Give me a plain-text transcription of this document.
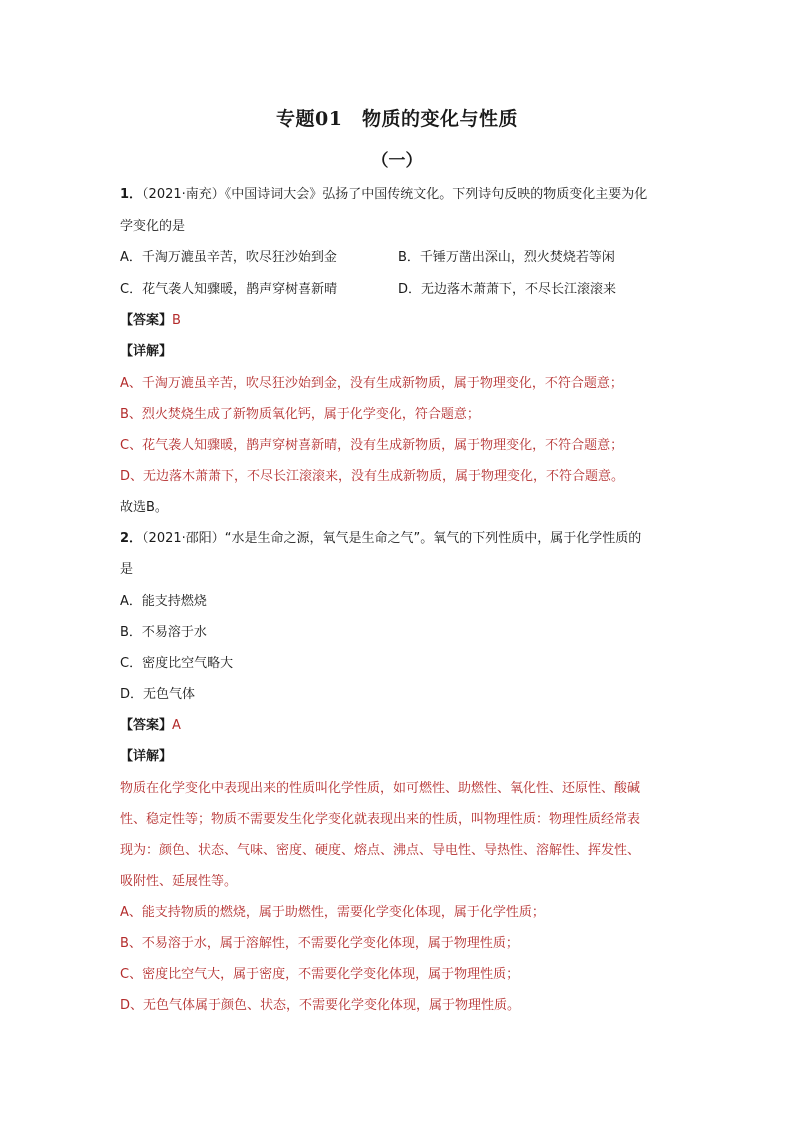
专题01　物质的变化与性质
（一）
1．（2021·南充）《中国诗词大会》弘扬了中国传统文化。下列诗句反映的物质变化主要为化
学变化的是
A．千淘万漉虽辛苦，吹尽狂沙始到金	B．千锤万凿出深山，烈火焚烧若等闲
C．花气袭人知骤暖，鹊声穿树喜新晴	D．无边落木萧萧下，不尽长江滚滚来
【答案】B
【详解】
A、千淘万漉虽辛苦，吹尽狂沙始到金，没有生成新物质，属于物理变化，不符合题意；
B、烈火焚烧生成了新物质氧化钙，属于化学变化，符合题意；
C、花气袭人知骤暖，鹊声穿树喜新晴，没有生成新物质，属于物理变化，不符合题意；
D、无边落木萧萧下，不尽长江滚滚来，没有生成新物质，属于物理变化，不符合题意。
故选B。
2．（2021·邵阳）“水是生命之源，氧气是生命之气”。氧气的下列性质中，属于化学性质的
是
A．能支持燃烧
B．不易溶于水
C．密度比空气略大
D．无色气体
【答案】A
【详解】
物质在化学变化中表现出来的性质叫化学性质，如可燃性、助燃性、氧化性、还原性、酸碱
性、稳定性等；物质不需要发生化学变化就表现出来的性质，叫物理性质：物理性质经常表
现为：颜色、状态、气味、密度、硬度、熔点、沸点、导电性、导热性、溶解性、挥发性、
吸附性、延展性等。
A、能支持物质的燃烧，属于助燃性，需要化学变化体现，属于化学性质；
B、不易溶于水，属于溶解性，不需要化学变化体现，属于物理性质；
C、密度比空气大，属于密度，不需要化学变化体现，属于物理性质；
D、无色气体属于颜色、状态，不需要化学变化体现，属于物理性质。
